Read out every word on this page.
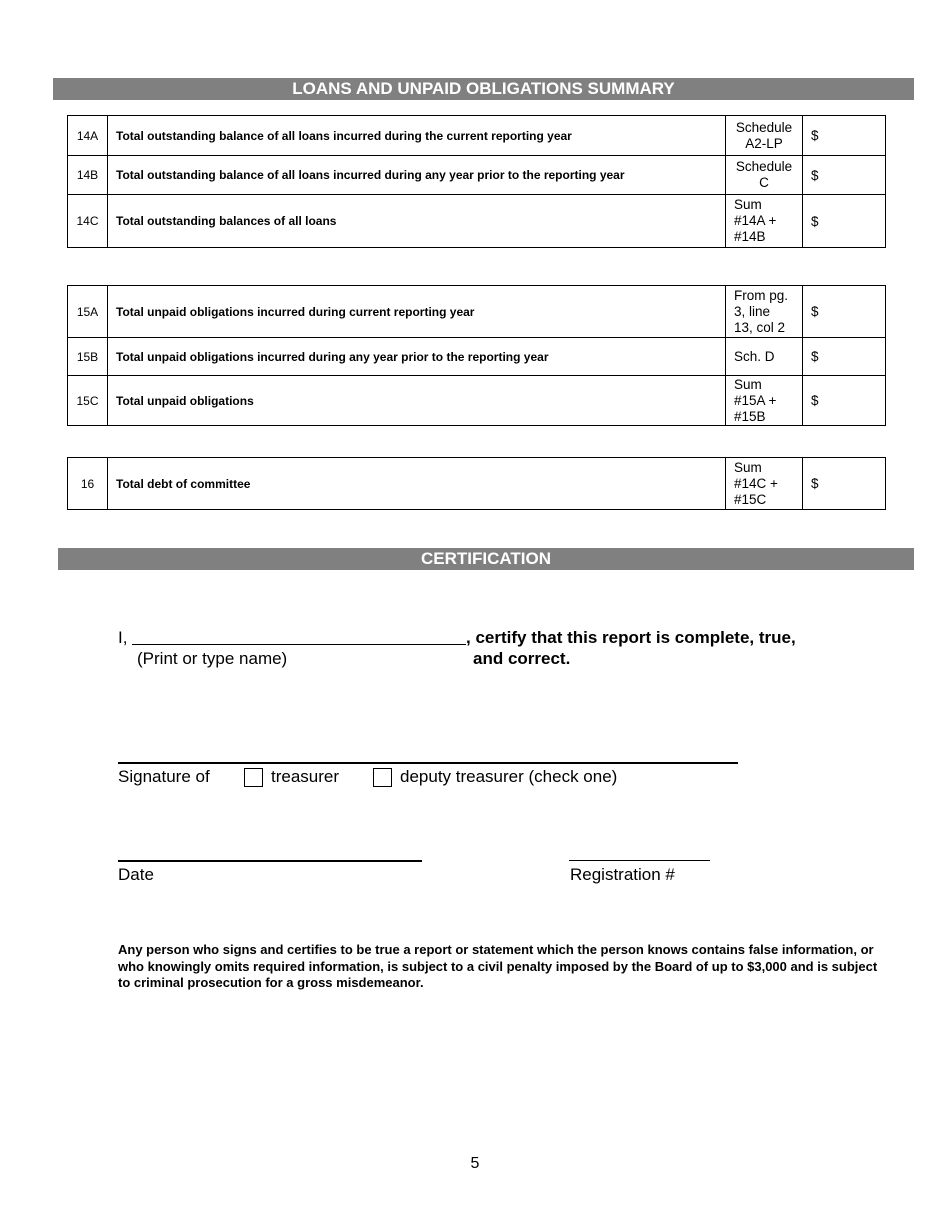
LOANS AND UNPAID OBLIGATIONS SUMMARY
14A	Total outstanding balance of all loans incurred during the current reporting year	Schedule
A2-LP	$
14B	Total outstanding balance of all loans incurred during any year prior to the reporting year	Schedule
C	$
14C	Total outstanding balances of all loans	Sum
#14A +
#14B	$
15A	Total unpaid obligations incurred during current reporting year	From pg.
3, line
13, col 2	$
15B	Total unpaid obligations incurred during any year prior to the reporting year	Sch. D	$
15C	Total unpaid obligations	Sum
#15A +
#15B	$
16	Total debt of committee	Sum
#14C +
#15C	$
CERTIFICATION
I,	, certify that this report is complete, true,
(Print or type name)	and correct.
Signature of	treasurer	deputy treasurer (check one)
Date	Registration #
Any person who signs and certifies to be true a report or statement which the person knows contains false information, or who knowingly omits required information, is subject to a civil penalty imposed by the Board of up to $3,000 and is subject to criminal prosecution for a gross misdemeanor.
5
